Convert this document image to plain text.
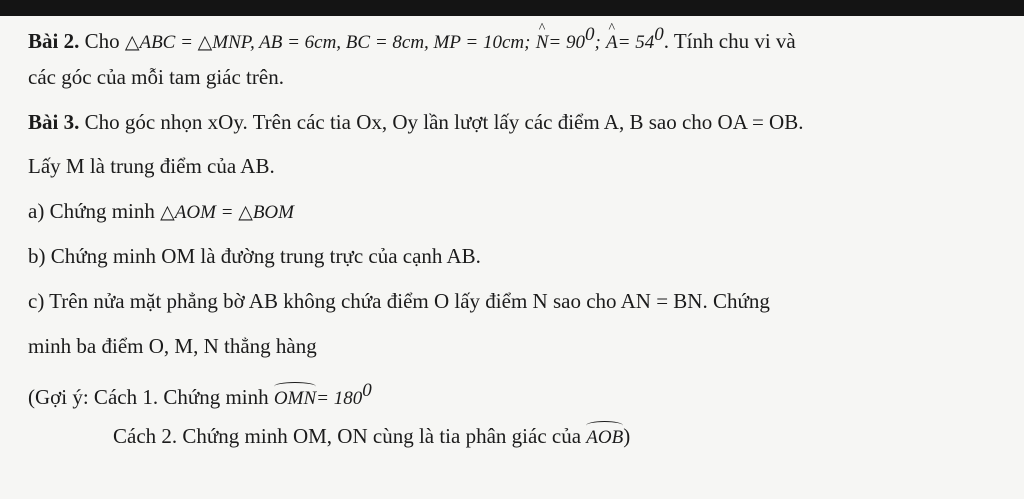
Bài 2. Cho △ABC = △MNP, AB = 6cm, BC = 8cm, MP = 10cm; ^ $N= 90^0$; ^ $A= 54^0$. Tính chu vi và
các góc của mỗi tam giác trên.
Bài 3. Cho góc nhọn xOy. Trên các tia Ox, Oy lần lượt lấy các điểm A, B sao cho OA = OB.
Lấy M là trung điểm của AB.
a) Chứng minh △AOM = △BOM
b) Chứng minh OM là đường trung trực của cạnh AB.
c) Trên nửa mặt phẳng bờ AB không chứa điểm O lấy điểm N sao cho AN = BN. Chứng
minh ba điểm O, M, N thẳng hàng
(Gợi ý: Cách 1. Chứng minh $OMN= 180^0$
Cách 2. Chứng minh OM, ON cùng là tia phân giác của AOB)
